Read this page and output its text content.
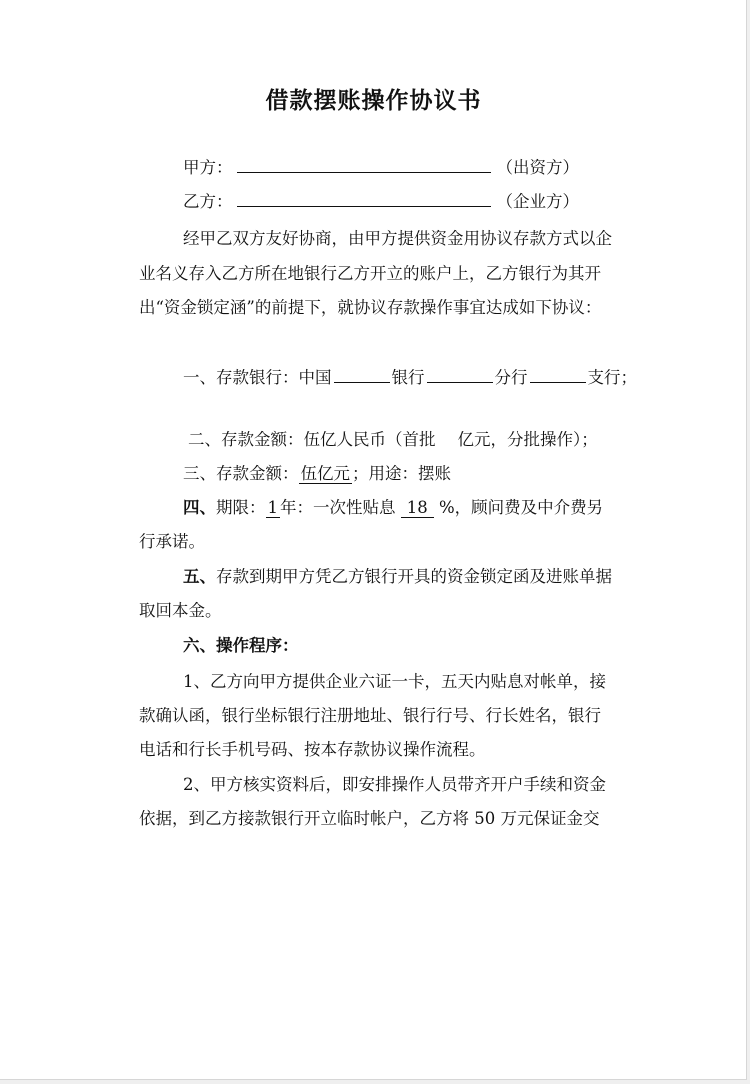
借款摆账操作协议书
甲方：	（出资方）
乙方：	（企业方）
经甲乙双方友好协商，由甲方提供资金用协议存款方式以企
业名义存入乙方所在地银行乙方开立的账户上，乙方银行为其开
出“资金锁定涵”的前提下，就协议存款操作事宜达成如下协议：
一、存款银行：中国	银行	分行	支行；
二、存款金额：伍亿人民币（首批 亿元，分批操作）；
三、存款金额： 伍亿元 ；用途：摆账
四、期限： 1 年：一次性贴息 18 %，顾问费及中介费另
行承诺。
五、存款到期甲方凭乙方银行开具的资金锁定函及进账单据
取回本金。
六、操作程序：
1、乙方向甲方提供企业六证一卡，五天内贴息对帐单，接
款确认函，银行坐标银行注册地址、银行行号、行长姓名，银行
电话和行长手机号码、按本存款协议操作流程。
2、甲方核实资料后，即安排操作人员带齐开户手续和资金
依据，到乙方接款银行开立临时帐户，乙方将 50 万元保证金交
